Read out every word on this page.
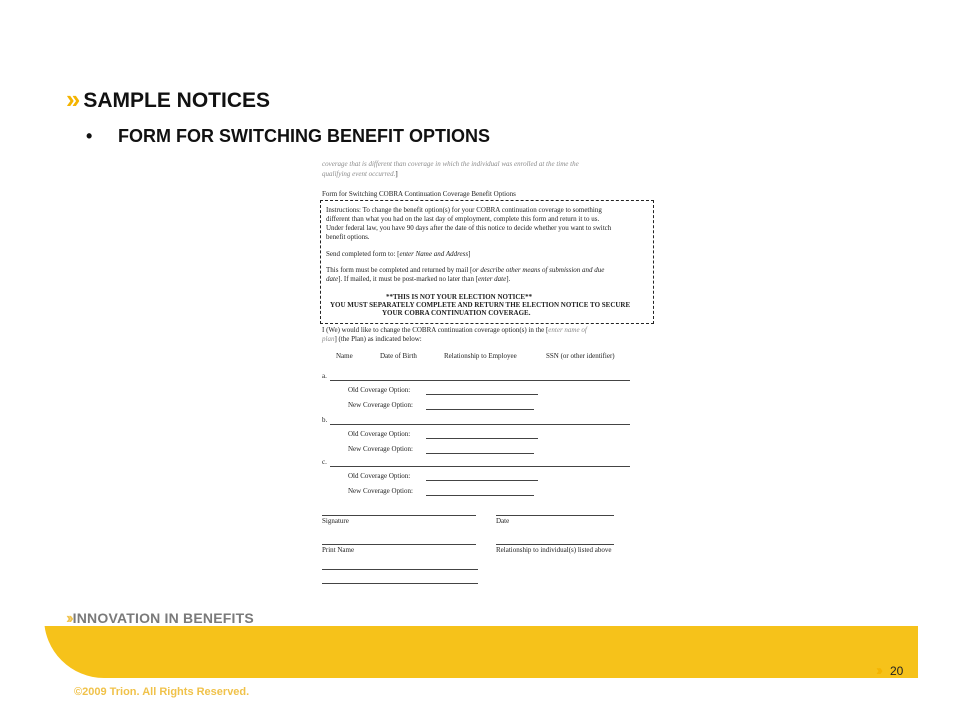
›› SAMPLE NOTICES
• FORM FOR SWITCHING BENEFIT OPTIONS
coverage that is different than coverage in which the individual was enrolled at the time the
qualifying event occurred.]
Form for Switching COBRA Continuation Coverage Benefit Options
Instructions: To change the benefit option(s) for your COBRA continuation coverage to something
different than what you had on the last day of employment, complete this form and return it to us.
Under federal law, you have 90 days after the date of this notice to decide whether you want to switch
benefit options.
Send completed form to: [enter Name and Address]
This form must be completed and returned by mail [or describe other means of submission and due
date]. If mailed, it must be post-marked no later than [enter date].
**THIS IS NOT YOUR ELECTION NOTICE**
YOU MUST SEPARATELY COMPLETE AND RETURN THE ELECTION NOTICE TO SECURE
YOUR COBRA CONTINUATION COVERAGE.
I (We) would like to change the COBRA continuation coverage option(s) in the [enter name of
plan] (the Plan) as indicated below:
Name	Date of Birth	Relationship to Employee	SSN (or other identifier)
a.
Old Coverage Option:
New Coverage Option:
b.
Old Coverage Option:
New Coverage Option:
c.
Old Coverage Option:
New Coverage Option:
Signature	Date
Print Name	Relationship to individual(s) listed above
›› INNOVATION IN BENEFITS
›› 20
©2009 Trion. All Rights Reserved.
